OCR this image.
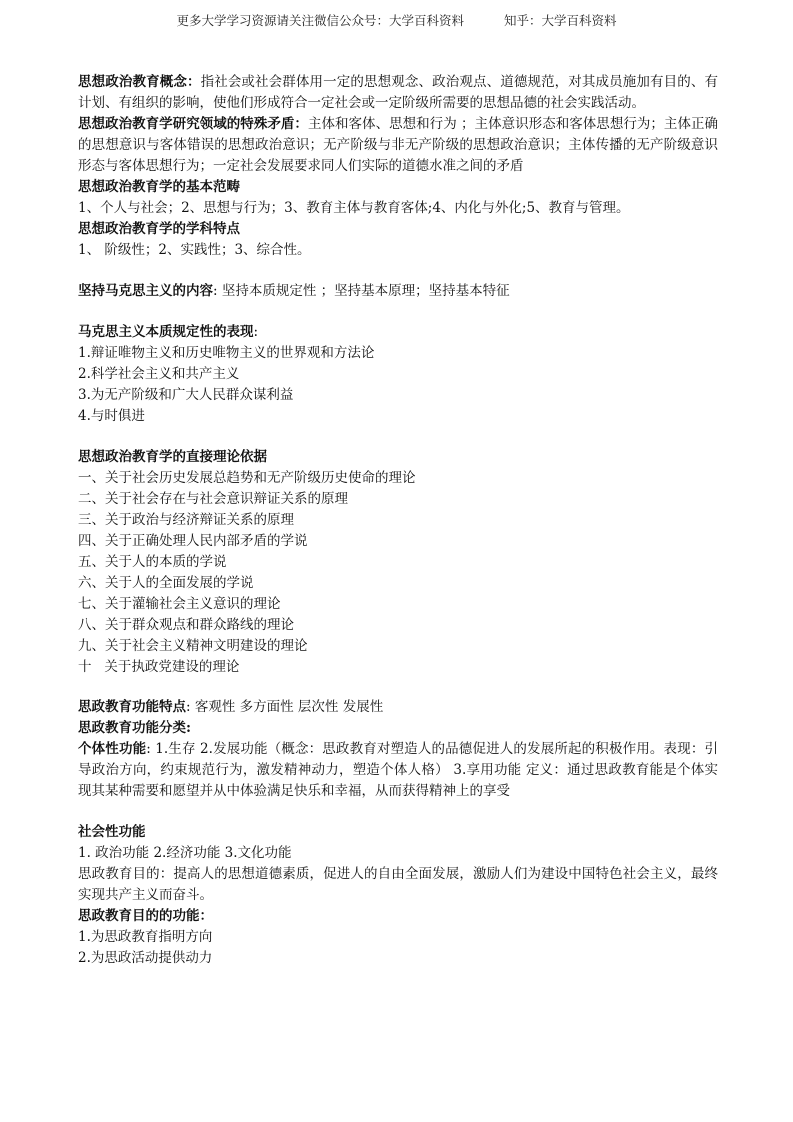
更多大学学习资源请关注微信公众号：大学百科资料	知乎：大学百科资料

思想政治教育概念：指社会或社会群体用一定的思想观念、政治观点、道德规范，对其成员施加有目的、有计划、有组织的影响，使他们形成符合一定社会或一定阶级所需要的思想品德的社会实践活动。

思想政治教育学研究领域的特殊矛盾：主体和客体、思想和行为 ；主体意识形态和客体思想行为；主体正确的思想意识与客体错误的思想政治意识；无产阶级与非无产阶级的思想政治意识；主体传播的无产阶级意识形态与客体思想行为；一定社会发展要求同人们实际的道德水准之间的矛盾

思想政治教育学的基本范畴

1、个人与社会；2、思想与行为；3、教育主体与教育客体;4、内化与外化;5、教育与管理。

思想政治教育学的学科特点

1、 阶级性；2、实践性；3、综合性。

坚持马克思主义的内容: 坚持本质规定性 ；坚持基本原理；坚持基本特征

马克思主义本质规定性的表现:

1.辩证唯物主义和历史唯物主义的世界观和方法论

2.科学社会主义和共产主义

3.为无产阶级和广大人民群众谋利益

4.与时俱进

思想政治教育学的直接理论依据

一、关于社会历史发展总趋势和无产阶级历史使命的理论

二、关于社会存在与社会意识辩证关系的原理

三、关于政治与经济辩证关系的原理

四、关于正确处理人民内部矛盾的学说

五、关于人的本质的学说

六、关于人的全面发展的学说

七、关于灌输社会主义意识的理论

八、关于群众观点和群众路线的理论

九、关于社会主义精神文明建设的理论

十   关于执政党建设的理论

思政教育功能特点: 客观性 多方面性 层次性 发展性

思政教育功能分类:

个体性功能: 1.生存 2.发展功能（概念：思政教育对塑造人的品德促进人的发展所起的积极作用。表现：引导政治方向，约束规范行为，激发精神动力，塑造个体人格） 3.享用功能 定义：通过思政教育能是个体实现其某种需要和愿望并从中体验满足快乐和幸福，从而获得精神上的享受

社会性功能

1. 政治功能 2.经济功能 3.文化功能

思政教育目的：提高人的思想道德素质，促进人的自由全面发展，激励人们为建设中国特色社会主义，最终实现共产主义而奋斗。

思政教育目的的功能：

1.为思政教育指明方向

2.为思政活动提供动力
